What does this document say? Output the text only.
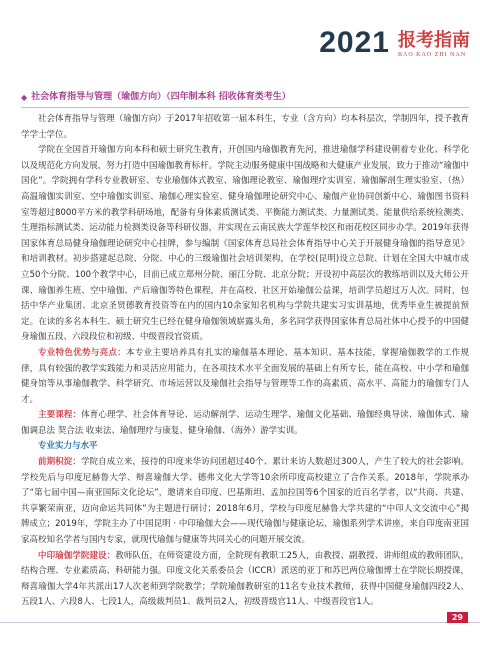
2021 报考指南
BAO KAO ZHI NAN
◆ 社会体育指导与管理（瑜伽方向）（四年制本科 招收体育类考生）

社会体育指导与管理（瑜伽方向）于2017年招收第一届本科生，专业（含方向）均本科层次，学制四年，授予教育学学士学位。

学院在全国首开瑜伽方向本科和硕士研究生教育，开创国内瑜伽教育先河，推进瑜伽学科建设朝着专业化、科学化以及规范化方向发展，努力打造中国瑜伽教育标杆。学院主动服务健康中国战略和大健康产业发展，致力于推动“瑜伽中国化”。学院拥有学科专业教研室、专业瑜伽体式教室、瑜伽理论教室、瑜伽理疗实训室、瑜伽解剖生理实验室、（热）高温瑜伽实训室、空中瑜伽实训室、瑜伽心理实验室、健身瑜伽理论研究中心、瑜伽产业协同创新中心、瑜伽图书资料室等超过8000平方米的教学科研场地，配备有身体素质测试类、平衡能力测试类、力量测试类、能量供给系统检测类、生理指标测试类、运动能力检测类设备等科研仪器，并实现在云南民族大学莲华校区和雨花校区同步办学。2019年获得国家体育总局健身瑜伽理论研究中心挂牌，参与编制《国家体育总局社会体育指导中心关于开展健身瑜伽的指导意见》和培训教材。初步搭建起总院、分院、中心的三级瑜伽社会培训架构，在学校(昆明)设立总院、计划在全国大中城市成立50个分院、100个教学中心，目前已成立郑州分院、丽江分院、北京分院；开设初中高层次的教练培训以及大师公开课、瑜伽养生班、空中瑜伽、产后瑜伽等特色课程，并在高校、社区开始瑜伽公益课，培训学员超过万人次。同时，包括中华产业集团、北京圣贤德教育投资等在内的国内10余家知名机构与学院共建实习实训基地，优秀毕业生被提前预定。在读的多名本科生、硕士研究生已经在健身瑜伽领域崭露头角，多名同学获得国家体育总局社体中心授予的中国健身瑜伽五段、六段段位和初级、中级晋段官资质。

专业特色优势与亮点：本专业主要培养具有扎实的瑜伽基本理论、基本知识、基本技能，掌握瑜伽教学的工作规律，具有较强的教学实践能力和灵活应用能力，在各项技术水平全面发展的基础上有所专长，能在高校、中小学和瑜伽健身馆等从事瑜伽教学、科学研究、市场运营以及瑜伽社会指导与管理等工作的高素质、高水平、高能力的瑜伽专门人才。

主要课程：体育心理学、社会体育导论、运动解剖学、运动生理学、瑜伽文化基础、瑜伽经典导读、瑜伽体式、瑜伽调息法 契合法 收束法、瑜伽理疗与康复、健身瑜伽、（海外）游学实训。

专业实力与水平

前期积淀：学院自成立来，接待的印度来华访问团超过40个、累计来访人数超过300人，产生了较大的社会影响。学校先后与印度尼赫鲁大学、辩喜瑜伽大学、德弗文化大学等10余所印度高校建立了合作关系。2018年，学院承办了“第七届中国—南亚国际文化论坛”，邀请来自印度、巴基斯坦、孟加拉国等6个国家的近百名学者，以“共商、共建、共享繁荣南亚，迈向命运共同体”为主题进行研讨；2018年6月，学校与印度尼赫鲁大学共建的“中印人文交流中心”揭牌成立；2019年，学院主办了中国昆明 · 中印瑜伽大会——现代瑜伽与健康论坛、瑜伽系列学术讲座，来自印度南亚国家高校知名学者与国内专家，就现代瑜伽与健康等共同关心的问题开展交流。

中印瑜伽学院建设：教师队伍，在师资建设方面，全院现有教职工25人，由教授、副教授、讲师组成的教师团队，结构合理、专业素质高、科研能力强。印度文化关系委员会（ICCR）派送的亚丁和苏巴两位瑜伽博士在学院长期授课，辩喜瑜伽大学4年共派出17人次老师到学院教学；学院瑜伽教研室的11名专业技术教师，获得中国健身瑜伽四段2人、五段1人、六段8人、七段1人，高级裁判员1、裁判员2人，初级晋级官11人、中级晋段官1人。

29
